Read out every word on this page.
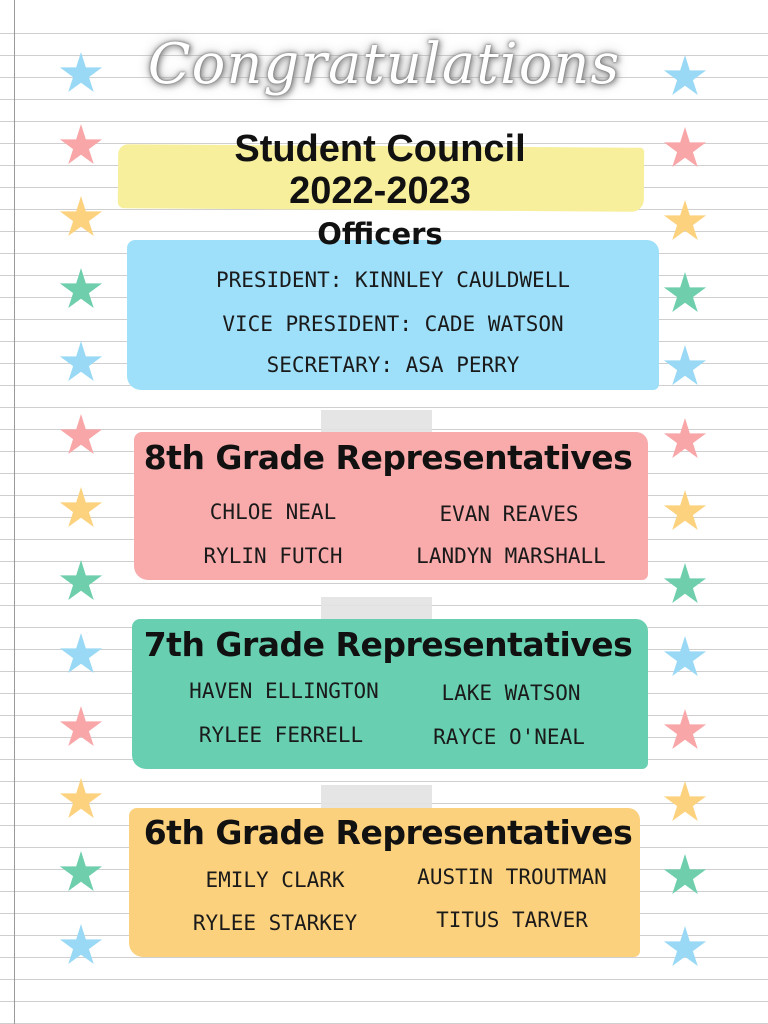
Congratulations
Student Council
2022-2023
Officers
PRESIDENT: KINNLEY CAULDWELL
VICE PRESIDENT: CADE WATSON
SECRETARY: ASA PERRY
8th Grade Representatives
CHLOE NEAL	EVAN REAVES
RYLIN FUTCH	LANDYN MARSHALL
7th Grade Representatives
HAVEN ELLINGTON	LAKE WATSON
RYLEE FERRELL	RAYCE O'NEAL
6th Grade Representatives
EMILY CLARK	AUSTIN TROUTMAN
RYLEE STARKEY	TITUS TARVER
